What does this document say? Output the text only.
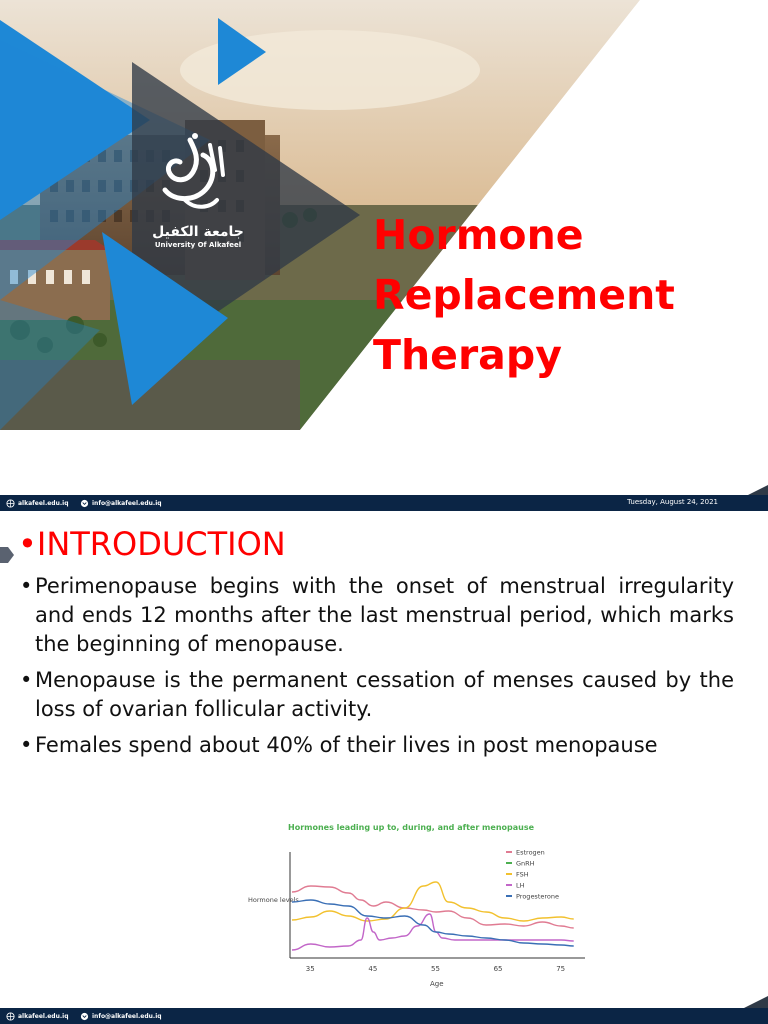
جامعة الكفيل
University Of Alkafeel	Hormone
Replacement
Therapy
alkafeel.edu.iq	info@alkafeel.edu.iq	Tuesday, August 24, 2021
•INTRODUCTION
• Perimenopause begins with the onset of menstrual irregularity and ends 12 months after the last menstrual period, which marks the beginning of menopause.
• Menopause is the permanent cessation of menses caused by the loss of ovarian follicular activity.
• Females spend about 40% of their lives in post menopause
Hormones leading up to, during, and after menopause
Hormone levels
Age
35	45	55	65	75
Estrogen
GnRH
FSH
LH
Progesterone
alkafeel.edu.iq	info@alkafeel.edu.iq
